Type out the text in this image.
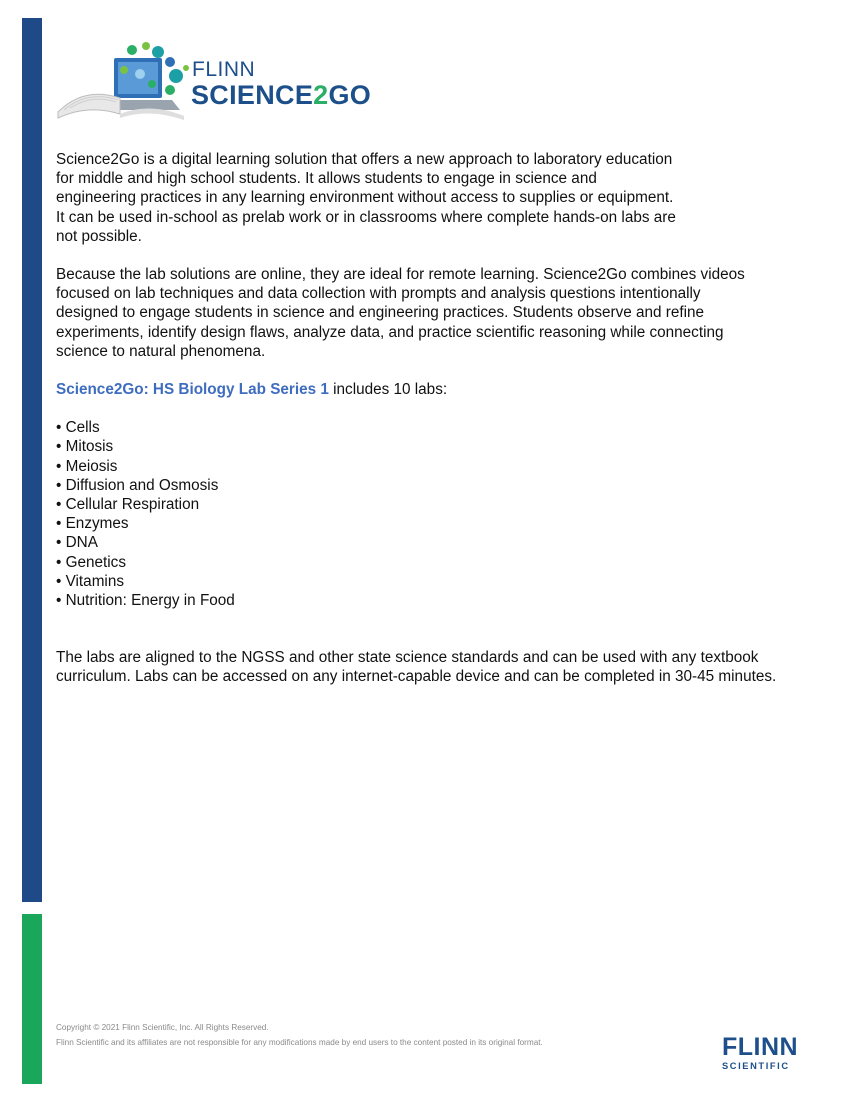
FLINN
SCIENCE2GO

Science2Go is a digital learning solution that offers a new approach to laboratory education for middle and high school students. It allows students to engage in science and engineering practices in any learning environment without access to supplies or equipment. It can be used in-school as prelab work or in classrooms where complete hands-on labs are not possible.

Because the lab solutions are online, they are ideal for remote learning. Science2Go combines videos focused on lab techniques and data collection with prompts and analysis questions intentionally designed to engage students in science and engineering practices. Students observe and refine experiments, identify design flaws, analyze data, and practice scientific reasoning while connecting science to natural phenomena.

Science2Go: HS Biology Lab Series 1 includes 10 labs:

• Cells
• Mitosis
• Meiosis
• Diffusion and Osmosis
• Cellular Respiration
• Enzymes
• DNA
• Genetics
• Vitamins
• Nutrition: Energy in Food

The labs are aligned to the NGSS and other state science standards and can be used with any textbook curriculum. Labs can be accessed on any internet-capable device and can be completed in 30-45 minutes.

Copyright © 2021 Flinn Scientific, Inc. All Rights Reserved.
Flinn Scientific and its affiliates are not responsible for any modifications made by end users to the content posted in its original format.	FLINN
SCIENTIFIC
